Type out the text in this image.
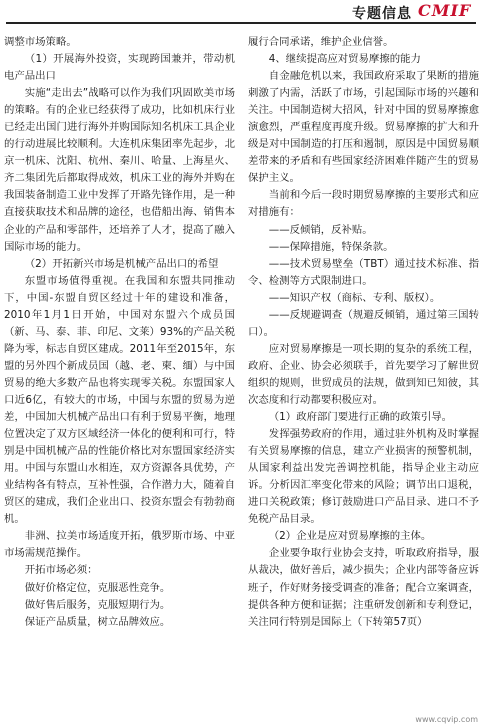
专题信息 CMIF

调整市场策略。

（1）开展海外投资，实现跨国兼并，带动机电产品出口

实施“走出去”战略可以作为我们巩固欧美市场的策略。有的企业已经获得了成功，比如机床行业已经走出国门进行海外并购国际知名机床工具企业的行动进展比较顺利。大连机床集团率先起步，北京一机床、沈阳、杭州、秦川、哈量、上海星火、齐二集团先后都取得成效，机床工业的海外并购在我国装备制造工业中发挥了开路先锋作用，是一种直接获取技术和品牌的途径，也借船出海、销售本企业的产品和零部件，还培养了人才，提高了融入国际市场的能力。

（2）开拓新兴市场是机械产品出口的希望

东盟市场值得重视。在我国和东盟共同推动下，中国-东盟自贸区经过十年的建设和准备，2010年1月1日开始，中国对东盟六个成员国（新、马、泰、菲、印尼、文莱）93%的产品关税降为零，标志自贸区建成。2011年至2015年，东盟的另外四个新成员国（越、老、柬、缅）与中国贸易的绝大多数产品也将实现零关税。东盟国家人口近6亿，有较大的市场，中国与东盟的贸易为逆差，中国加大机械产品出口有利于贸易平衡，地理位置决定了双方区域经济一体化的便利和可行，特别是中国机械产品的性能价格比对东盟国家经济实用。中国与东盟山水相连，双方资源各具优势，产业结构各有特点，互补性强，合作潜力大，随着自贸区的建成，我们企业出口、投资东盟会有勃勃商机。

非洲、拉美市场适度开拓，俄罗斯市场、中亚市场需规范操作。

开拓市场必须：

做好价格定位，克服恶性竞争。

做好售后服务，克服短期行为。

保证产品质量，树立品牌效应。

履行合同承诺，维护企业信誉。

4、继续提高应对贸易摩擦的能力

自金融危机以来，我国政府采取了果断的措施刺激了内需，活跃了市场，引起国际市场的兴趣和关注。中国制造树大招风，针对中国的贸易摩擦愈演愈烈，严重程度再度升级。贸易摩擦的扩大和升级是对中国制造的打压和遏制，原因是中国贸易顺差带来的矛盾和有些国家经济困难伴随产生的贸易保护主义。

当前和今后一段时期贸易摩擦的主要形式和应对措施有：

——反倾销，反补贴。

——保障措施，特保条款。

——技术贸易壁垒（TBT）通过技术标准、指令、检测等方式限制进口。

——知识产权（商标、专利、版权）。

——反规避调查（规避反倾销，通过第三国转口）。

应对贸易摩擦是一项长期的复杂的系统工程，政府、企业、协会必须联手，首先要学习了解世贸组织的规则，世贸成员的法规，做到知已知彼，其次态度和行动都要积极应对。

（1）政府部门要进行正确的政策引导。

发挥强势政府的作用，通过驻外机构及时掌握有关贸易摩擦的信息，建立产业损害的预警机制，从国家利益出发完善调控机能，指导企业主动应诉。分析因汇率变化带来的风险；调节出口退税，进口关税政策；修订鼓励进口产品目录、进口不予免税产品目录。

（2）企业是应对贸易摩擦的主体。

企业要争取行业协会支持，听取政府指导，服从裁决，做好善后，减少损失；企业内部等备应诉班子，作好财务接受调查的准备；配合立案调查，提供各种方便和证据；注重研发创新和专利登记，关注同行特别是国际上（下转第57页）

www.cqvip.com
